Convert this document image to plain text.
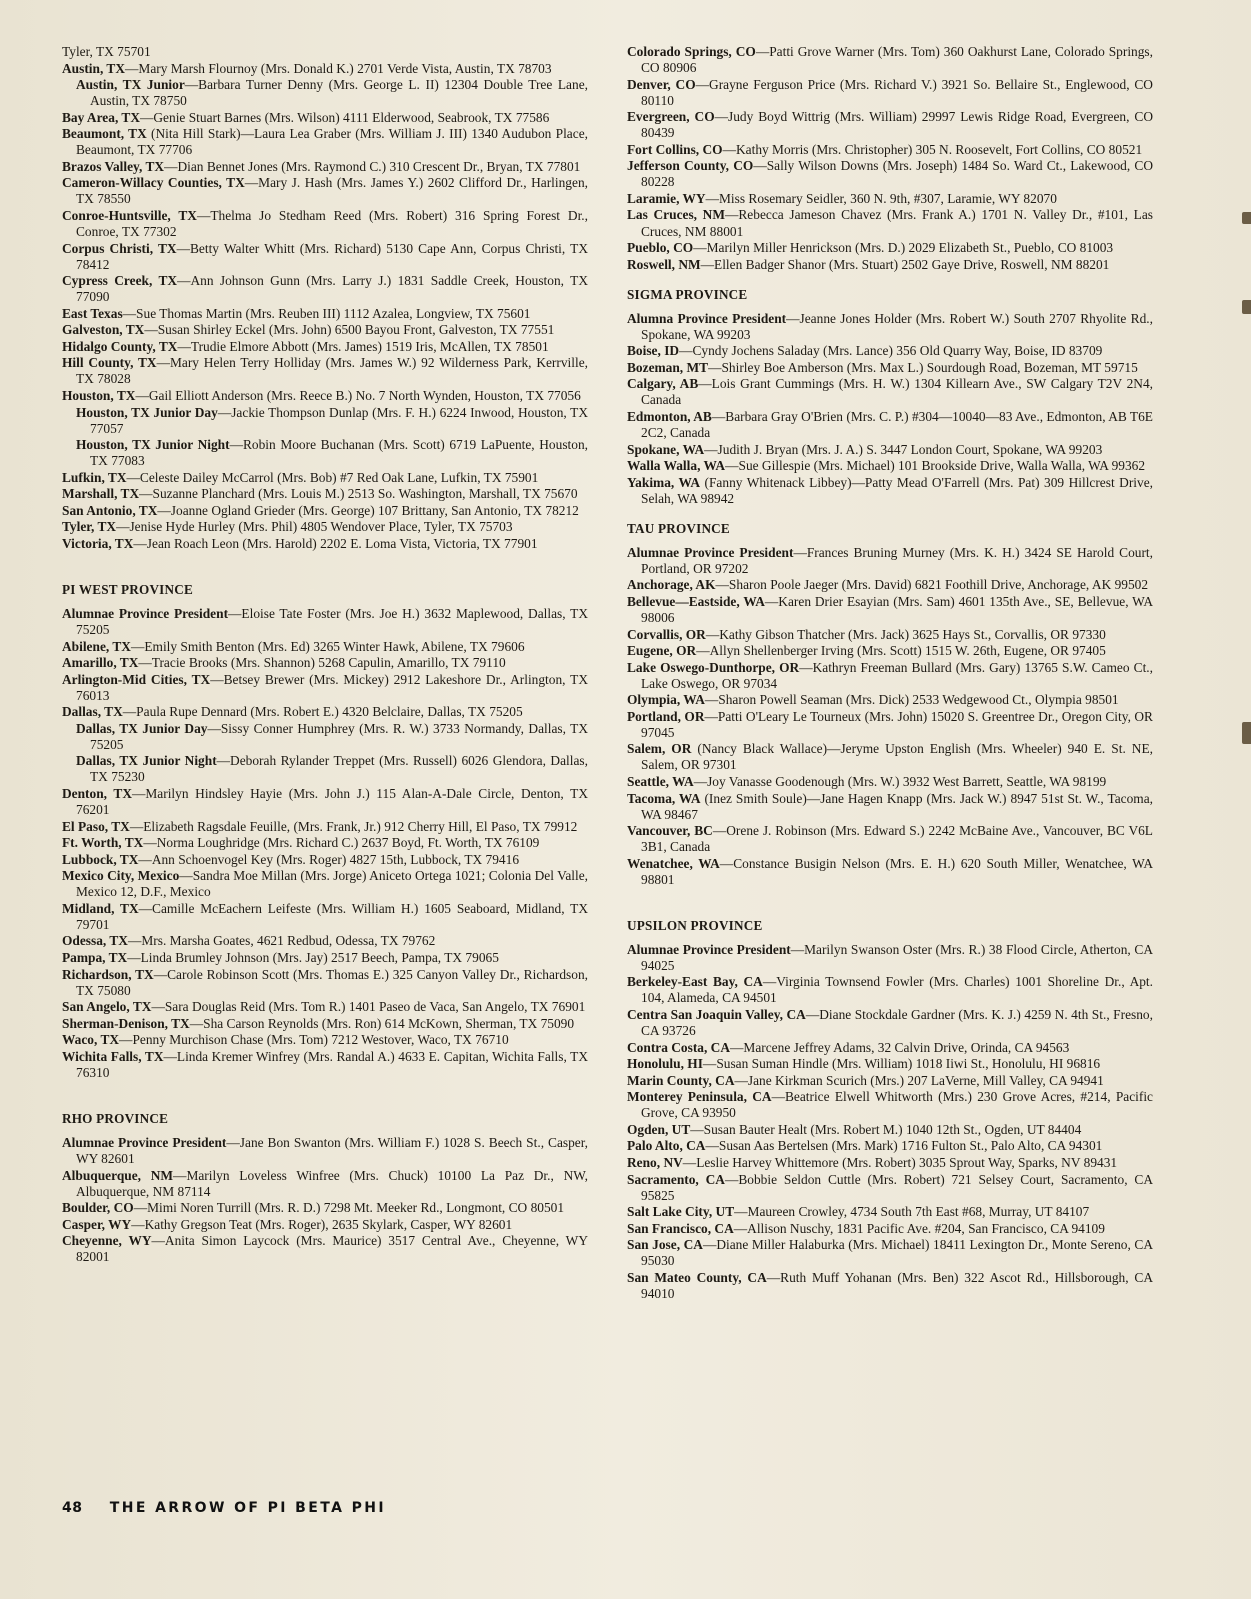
Tyler, TX 75701
Austin, TX—Mary Marsh Flournoy (Mrs. Donald K.) 2701 Verde Vista, Austin, TX 78703
Austin, TX Junior—Barbara Turner Denny (Mrs. George L. II) 12304 Double Tree Lane, Austin, TX 78750
Bay Area, TX—Genie Stuart Barnes (Mrs. Wilson) 4111 Elderwood, Seabrook, TX 77586
Beaumont, TX (Nita Hill Stark)—Laura Lea Graber (Mrs. William J. III) 1340 Audubon Place, Beaumont, TX 77706
Brazos Valley, TX—Dian Bennet Jones (Mrs. Raymond C.) 310 Crescent Dr., Bryan, TX 77801
Cameron-Willacy Counties, TX—Mary J. Hash (Mrs. James Y.) 2602 Clifford Dr., Harlingen, TX 78550
Conroe-Huntsville, TX—Thelma Jo Stedham Reed (Mrs. Robert) 316 Spring Forest Dr., Conroe, TX 77302
Corpus Christi, TX—Betty Walter Whitt (Mrs. Richard) 5130 Cape Ann, Corpus Christi, TX 78412
Cypress Creek, TX—Ann Johnson Gunn (Mrs. Larry J.) 1831 Saddle Creek, Houston, TX 77090
East Texas—Sue Thomas Martin (Mrs. Reuben III) 1112 Azalea, Longview, TX 75601
Galveston, TX—Susan Shirley Eckel (Mrs. John) 6500 Bayou Front, Galveston, TX 77551
Hidalgo County, TX—Trudie Elmore Abbott (Mrs. James) 1519 Iris, McAllen, TX 78501
Hill County, TX—Mary Helen Terry Holliday (Mrs. James W.) 92 Wilderness Park, Kerrville, TX 78028
Houston, TX—Gail Elliott Anderson (Mrs. Reece B.) No. 7 North Wynden, Houston, TX 77056
Houston, TX Junior Day—Jackie Thompson Dunlap (Mrs. F. H.) 6224 Inwood, Houston, TX 77057
Houston, TX Junior Night—Robin Moore Buchanan (Mrs. Scott) 6719 LaPuente, Houston, TX 77083
Lufkin, TX—Celeste Dailey McCarrol (Mrs. Bob) #7 Red Oak Lane, Lufkin, TX 75901
Marshall, TX—Suzanne Planchard (Mrs. Louis M.) 2513 So. Washington, Marshall, TX 75670
San Antonio, TX—Joanne Ogland Grieder (Mrs. George) 107 Brittany, San Antonio, TX 78212
Tyler, TX—Jenise Hyde Hurley (Mrs. Phil) 4805 Wendover Place, Tyler, TX 75703
Victoria, TX—Jean Roach Leon (Mrs. Harold) 2202 E. Loma Vista, Victoria, TX 77901
PI WEST PROVINCE
Alumnae Province President—Eloise Tate Foster (Mrs. Joe H.) 3632 Maplewood, Dallas, TX 75205
Abilene, TX—Emily Smith Benton (Mrs. Ed) 3265 Winter Hawk, Abilene, TX 79606
Amarillo, TX—Tracie Brooks (Mrs. Shannon) 5268 Capulin, Amarillo, TX 79110
Arlington-Mid Cities, TX—Betsey Brewer (Mrs. Mickey) 2912 Lakeshore Dr., Arlington, TX 76013
Dallas, TX—Paula Rupe Dennard (Mrs. Robert E.) 4320 Belclaire, Dallas, TX 75205
Dallas, TX Junior Day—Sissy Conner Humphrey (Mrs. R. W.) 3733 Normandy, Dallas, TX 75205
Dallas, TX Junior Night—Deborah Rylander Treppet (Mrs. Russell) 6026 Glendora, Dallas, TX 75230
Denton, TX—Marilyn Hindsley Hayie (Mrs. John J.) 115 Alan-A-Dale Circle, Denton, TX 76201
El Paso, TX—Elizabeth Ragsdale Feuille, (Mrs. Frank, Jr.) 912 Cherry Hill, El Paso, TX 79912
Ft. Worth, TX—Norma Loughridge (Mrs. Richard C.) 2637 Boyd, Ft. Worth, TX 76109
Lubbock, TX—Ann Schoenvogel Key (Mrs. Roger) 4827 15th, Lubbock, TX 79416
Mexico City, Mexico—Sandra Moe Millan (Mrs. Jorge) Aniceto Ortega 1021; Colonia Del Valle, Mexico 12, D.F., Mexico
Midland, TX—Camille McEachern Leifeste (Mrs. William H.) 1605 Seaboard, Midland, TX 79701
Odessa, TX—Mrs. Marsha Goates, 4621 Redbud, Odessa, TX 79762
Pampa, TX—Linda Brumley Johnson (Mrs. Jay) 2517 Beech, Pampa, TX 79065
Richardson, TX—Carole Robinson Scott (Mrs. Thomas E.) 325 Canyon Valley Dr., Richardson, TX 75080
San Angelo, TX—Sara Douglas Reid (Mrs. Tom R.) 1401 Paseo de Vaca, San Angelo, TX 76901
Sherman-Denison, TX—Sha Carson Reynolds (Mrs. Ron) 614 McKown, Sherman, TX 75090
Waco, TX—Penny Murchison Chase (Mrs. Tom) 7212 Westover, Waco, TX 76710
Wichita Falls, TX—Linda Kremer Winfrey (Mrs. Randal A.) 4633 E. Capitan, Wichita Falls, TX 76310
RHO PROVINCE
Alumnae Province President—Jane Bon Swanton (Mrs. William F.) 1028 S. Beech St., Casper, WY 82601
Albuquerque, NM—Marilyn Loveless Winfree (Mrs. Chuck) 10100 La Paz Dr., NW, Albuquerque, NM 87114
Boulder, CO—Mimi Noren Turrill (Mrs. R. D.) 7298 Mt. Meeker Rd., Longmont, CO 80501
Casper, WY—Kathy Gregson Teat (Mrs. Roger), 2635 Skylark, Casper, WY 82601
Cheyenne, WY—Anita Simon Laycock (Mrs. Maurice) 3517 Central Ave., Cheyenne, WY 82001
Colorado Springs, CO—Patti Grove Warner (Mrs. Tom) 360 Oakhurst Lane, Colorado Springs, CO 80906
Denver, CO—Grayne Ferguson Price (Mrs. Richard V.) 3921 So. Bellaire St., Englewood, CO 80110
Evergreen, CO—Judy Boyd Wittrig (Mrs. William) 29997 Lewis Ridge Road, Evergreen, CO 80439
Fort Collins, CO—Kathy Morris (Mrs. Christopher) 305 N. Roosevelt, Fort Collins, CO 80521
Jefferson County, CO—Sally Wilson Downs (Mrs. Joseph) 1484 So. Ward Ct., Lakewood, CO 80228
Laramie, WY—Miss Rosemary Seidler, 360 N. 9th, #307, Laramie, WY 82070
Las Cruces, NM—Rebecca Jameson Chavez (Mrs. Frank A.) 1701 N. Valley Dr., #101, Las Cruces, NM 88001
Pueblo, CO—Marilyn Miller Henrickson (Mrs. D.) 2029 Elizabeth St., Pueblo, CO 81003
Roswell, NM—Ellen Badger Shanor (Mrs. Stuart) 2502 Gaye Drive, Roswell, NM 88201
SIGMA PROVINCE
Alumna Province President—Jeanne Jones Holder (Mrs. Robert W.) South 2707 Rhyolite Rd., Spokane, WA 99203
Boise, ID—Cyndy Jochens Saladay (Mrs. Lance) 356 Old Quarry Way, Boise, ID 83709
Bozeman, MT—Shirley Boe Amberson (Mrs. Max L.) Sourdough Road, Bozeman, MT 59715
Calgary, AB—Lois Grant Cummings (Mrs. H. W.) 1304 Killearn Ave., SW Calgary T2V 2N4, Canada
Edmonton, AB—Barbara Gray O'Brien (Mrs. C. P.) #304—10040—83 Ave., Edmonton, AB T6E 2C2, Canada
Spokane, WA—Judith J. Bryan (Mrs. J. A.) S. 3447 London Court, Spokane, WA 99203
Walla Walla, WA—Sue Gillespie (Mrs. Michael) 101 Brookside Drive, Walla Walla, WA 99362
Yakima, WA (Fanny Whitenack Libbey)—Patty Mead O'Farrell (Mrs. Pat) 309 Hillcrest Drive, Selah, WA 98942
TAU PROVINCE
Alumnae Province President—Frances Bruning Murney (Mrs. K. H.) 3424 SE Harold Court, Portland, OR 97202
Anchorage, AK—Sharon Poole Jaeger (Mrs. David) 6821 Foothill Drive, Anchorage, AK 99502
Bellevue—Eastside, WA—Karen Drier Esayian (Mrs. Sam) 4601 135th Ave., SE, Bellevue, WA 98006
Corvallis, OR—Kathy Gibson Thatcher (Mrs. Jack) 3625 Hays St., Corvallis, OR 97330
Eugene, OR—Allyn Shellenberger Irving (Mrs. Scott) 1515 W. 26th, Eugene, OR 97405
Lake Oswego-Dunthorpe, OR—Kathryn Freeman Bullard (Mrs. Gary) 13765 S.W. Cameo Ct., Lake Oswego, OR 97034
Olympia, WA—Sharon Powell Seaman (Mrs. Dick) 2533 Wedgewood Ct., Olympia 98501
Portland, OR—Patti O'Leary Le Tourneux (Mrs. John) 15020 S. Greentree Dr., Oregon City, OR 97045
Salem, OR (Nancy Black Wallace)—Jeryme Upston English (Mrs. Wheeler) 940 E. St. NE, Salem, OR 97301
Seattle, WA—Joy Vanasse Goodenough (Mrs. W.) 3932 West Barrett, Seattle, WA 98199
Tacoma, WA (Inez Smith Soule)—Jane Hagen Knapp (Mrs. Jack W.) 8947 51st St. W., Tacoma, WA 98467
Vancouver, BC—Orene J. Robinson (Mrs. Edward S.) 2242 McBaine Ave., Vancouver, BC V6L 3B1, Canada
Wenatchee, WA—Constance Busigin Nelson (Mrs. E. H.) 620 South Miller, Wenatchee, WA 98801
UPSILON PROVINCE
Alumnae Province President—Marilyn Swanson Oster (Mrs. R.) 38 Flood Circle, Atherton, CA 94025
Berkeley-East Bay, CA—Virginia Townsend Fowler (Mrs. Charles) 1001 Shoreline Dr., Apt. 104, Alameda, CA 94501
Centra San Joaquin Valley, CA—Diane Stockdale Gardner (Mrs. K. J.) 4259 N. 4th St., Fresno, CA 93726
Contra Costa, CA—Marcene Jeffrey Adams, 32 Calvin Drive, Orinda, CA 94563
Honolulu, HI—Susan Suman Hindle (Mrs. William) 1018 Iiwi St., Honolulu, HI 96816
Marin County, CA—Jane Kirkman Scurich (Mrs.) 207 LaVerne, Mill Valley, CA 94941
Monterey Peninsula, CA—Beatrice Elwell Whitworth (Mrs.) 230 Grove Acres, #214, Pacific Grove, CA 93950
Ogden, UT—Susan Bauter Healt (Mrs. Robert M.) 1040 12th St., Ogden, UT 84404
Palo Alto, CA—Susan Aas Bertelsen (Mrs. Mark) 1716 Fulton St., Palo Alto, CA 94301
Reno, NV—Leslie Harvey Whittemore (Mrs. Robert) 3035 Sprout Way, Sparks, NV 89431
Sacramento, CA—Bobbie Seldon Cuttle (Mrs. Robert) 721 Selsey Court, Sacramento, CA 95825
Salt Lake City, UT—Maureen Crowley, 4734 South 7th East #68, Murray, UT 84107
San Francisco, CA—Allison Nuschy, 1831 Pacific Ave. #204, San Francisco, CA 94109
San Jose, CA—Diane Miller Halaburka (Mrs. Michael) 18411 Lexington Dr., Monte Sereno, CA 95030
San Mateo County, CA—Ruth Muff Yohanan (Mrs. Ben) 322 Ascot Rd., Hillsborough, CA 94010
48 THE ARROW OF PI BETA PHI
